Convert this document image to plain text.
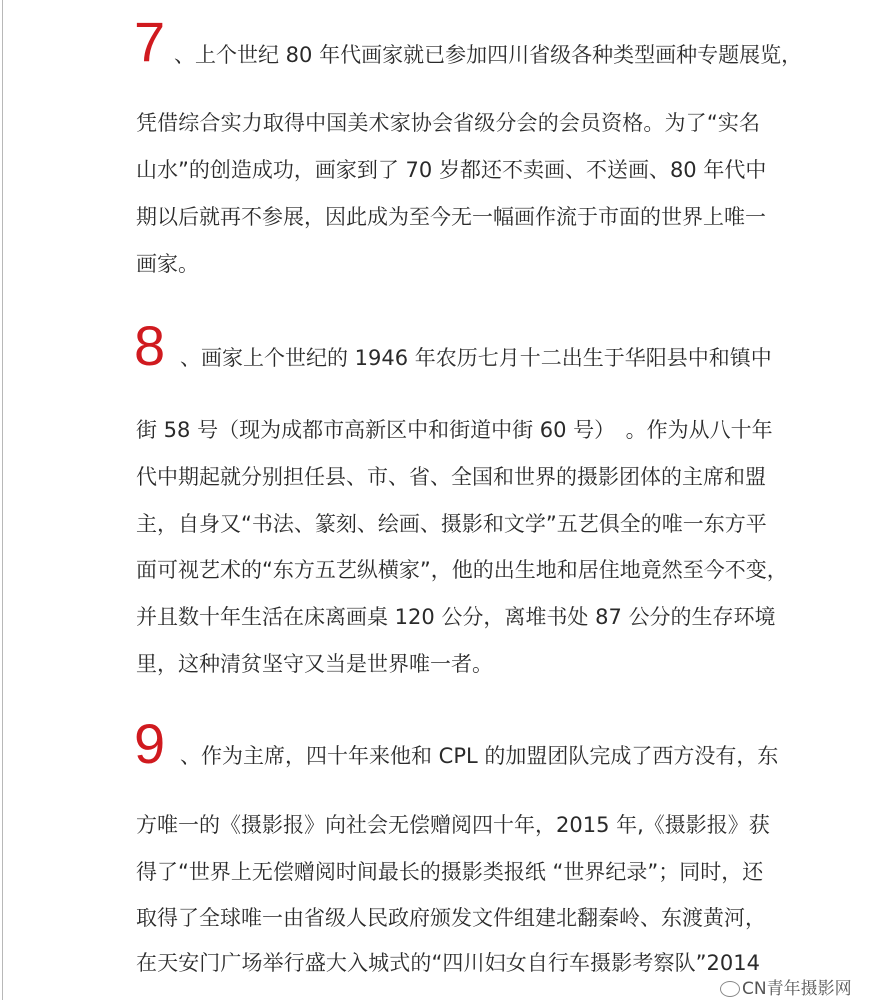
7 、上个世纪 80 年代画家就已参加四川省级各种类型画种专题展览，
凭借综合实力取得中国美术家协会省级分会的会员资格。为了“实名
山水”的创造成功，画家到了 70 岁都还不卖画、不送画、80 年代中
期以后就再不参展，因此成为至今无一幅画作流于市面的世界上唯一
画家。
8 、画家上个世纪的 1946 年农历七月十二出生于华阳县中和镇中
街 58 号（现为成都市高新区中和街道中街 60 号）　。作为从八十年
代中期起就分别担任县、市、省、全国和世界的摄影团体的主席和盟
主，自身又“书法、篆刻、绘画、摄影和文学”五艺俱全的唯一东方平
面可视艺术的“东方五艺纵横家”，他的出生地和居住地竟然至今不变，
并且数十年生活在床离画桌 120 公分，离堆书处 87 公分的生存环境
里，这种清贫坚守又当是世界唯一者。
9 、作为主席，四十年来他和 CPL 的加盟团队完成了西方没有，东
方唯一的《摄影报》向社会无偿赠阅四十年，2015 年,《摄影报》获
得了“世界上无偿赠阅时间最长的摄影类报纸 “世界纪录”；同时，还
取得了全球唯一由省级人民政府颁发文件组建北翻秦岭、东渡黄河，
在天安门广场举行盛大入城式的“四川妇女自行车摄影考察队”2014
CN青年摄影网
